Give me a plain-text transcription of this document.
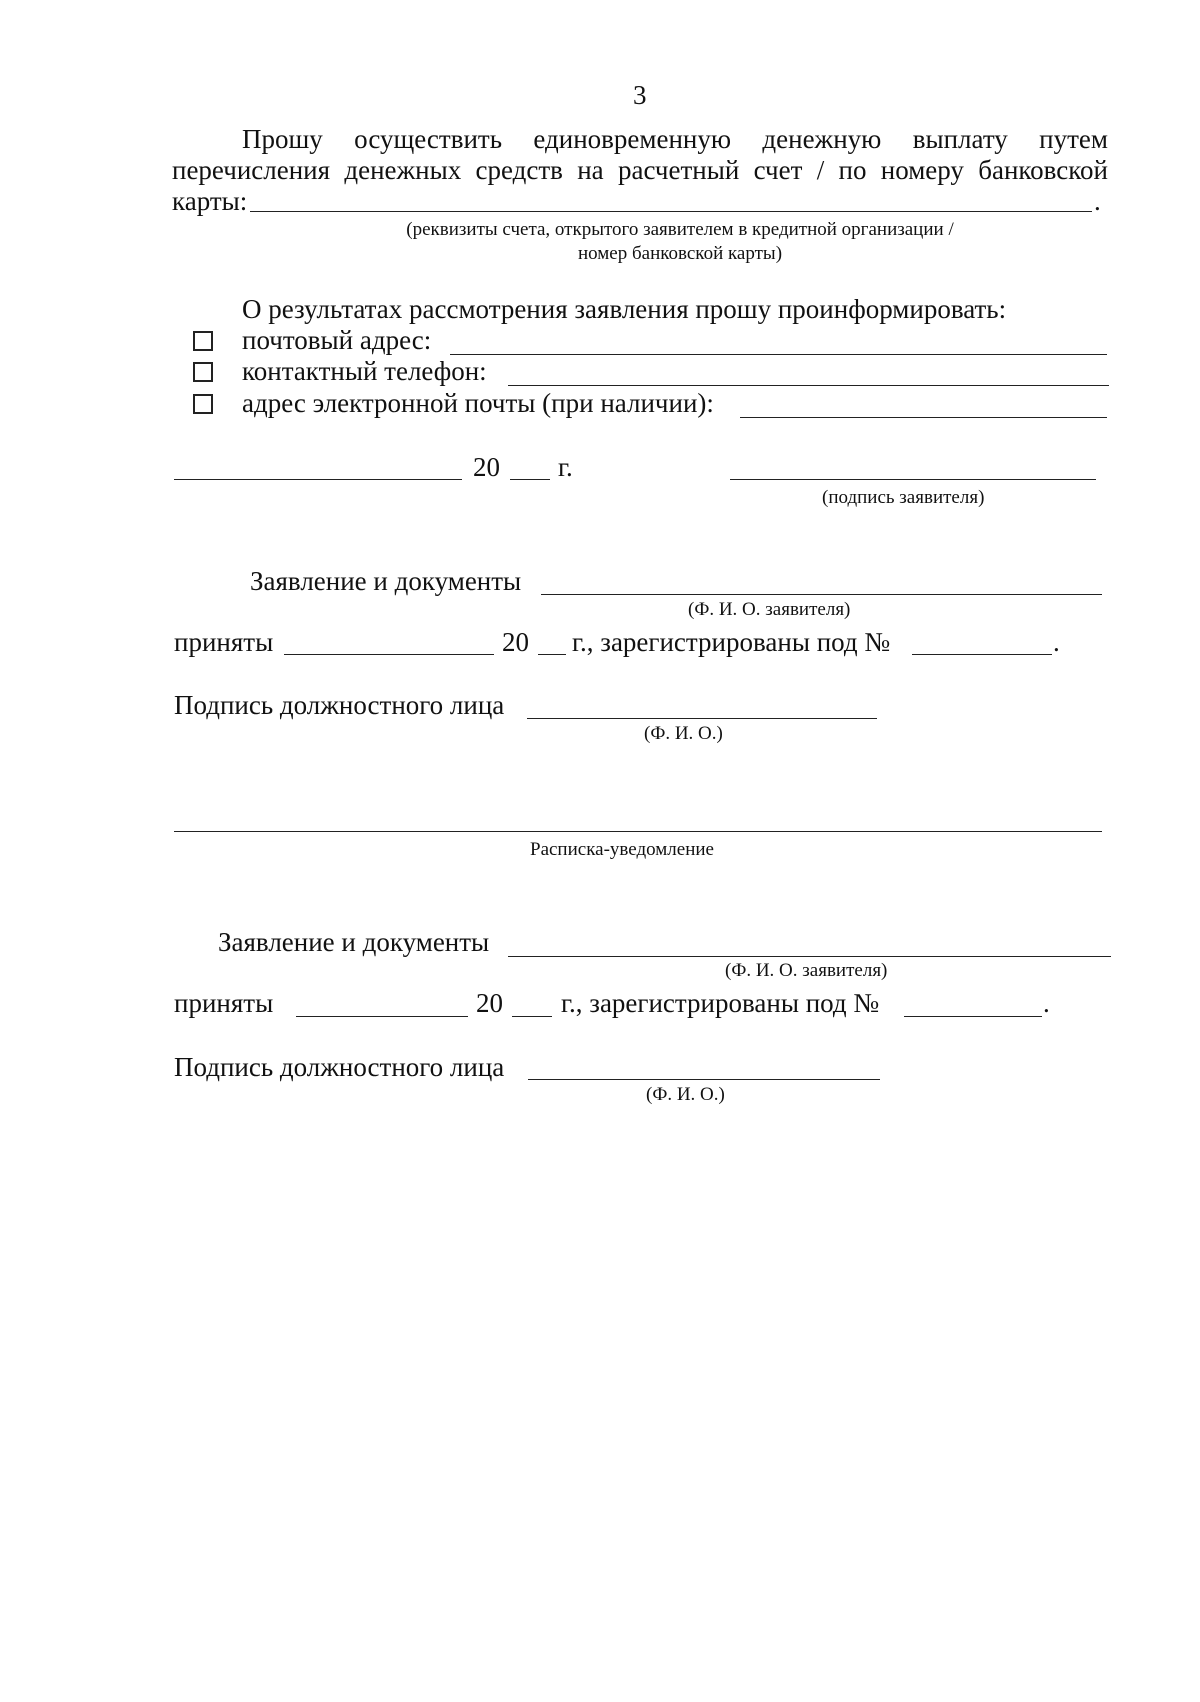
3
Прошу осуществить единовременную денежную выплату путем
перечисления денежных средств на расчетный счет / по номеру банковской
карты:	.
(реквизиты счета, открытого заявителем в кредитной организации /
номер банковской карты)
О результатах рассмотрения заявления прошу проинформировать:
почтовый адрес:
контактный телефон:
адрес электронной почты (при наличии):
20 г.
(подпись заявителя)
Заявление и документы
(Ф. И. О. заявителя)
приняты	20 г., зарегистрированы под №	.
Подпись должностного лица
(Ф. И. О.)
Расписка-уведомление
Заявление и документы
(Ф. И. О. заявителя)
приняты	20 г., зарегистрированы под №	.
Подпись должностного лица
(Ф. И. О.)
